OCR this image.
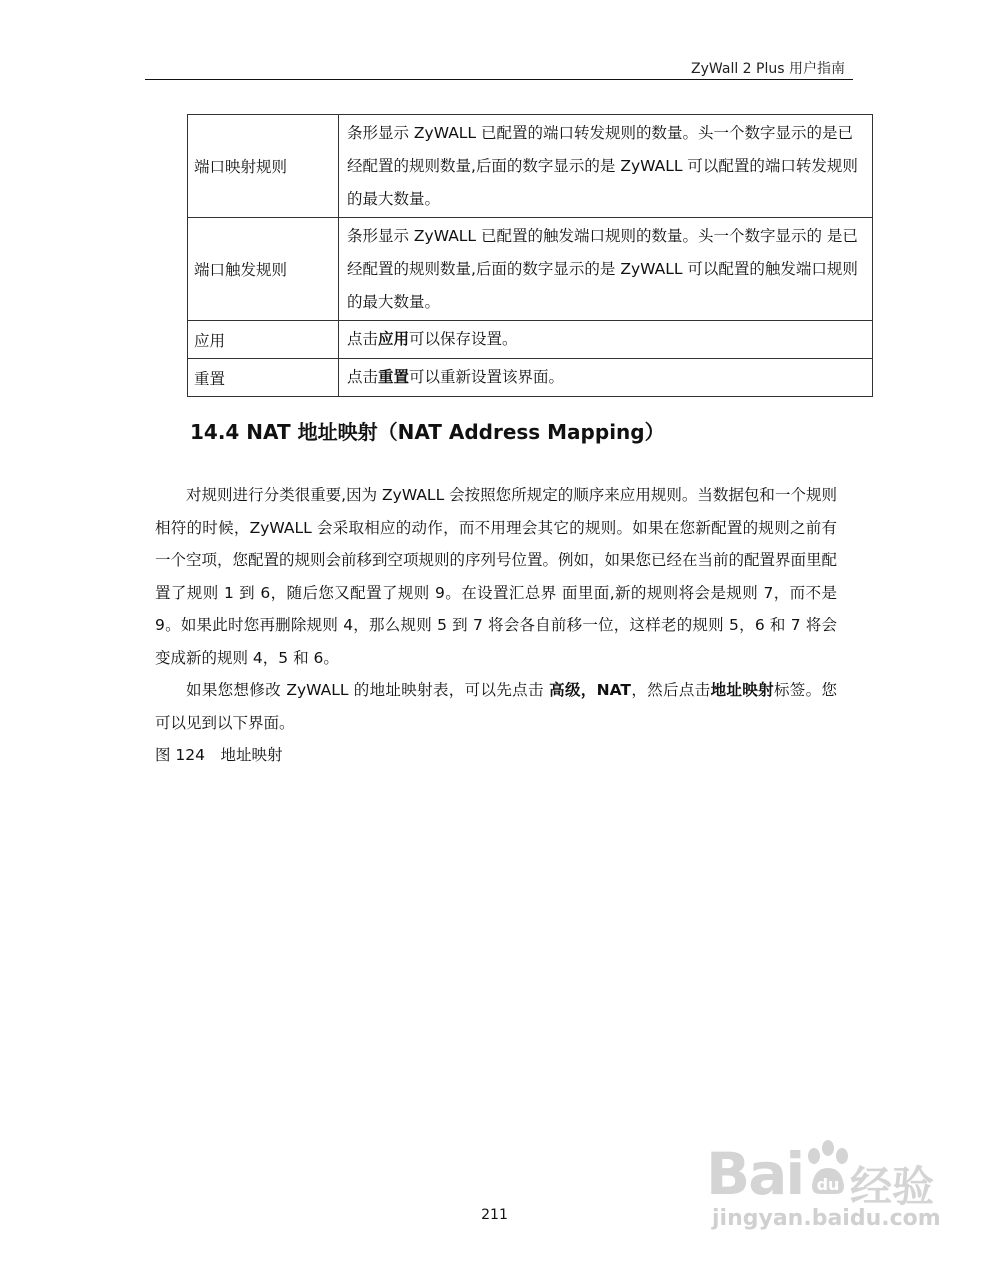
ZyWall 2 Plus 用户指南
端口映射规则	条形显示 ZyWALL 已配置的端口转发规则的数量。头一个数字显示的是已经配置的规则数量,后面的数字显示的是 ZyWALL 可以配置的端口转发规则的最大数量。
端口触发规则	条形显示 ZyWALL 已配置的触发端口规则的数量。头一个数字显示的 是已经配置的规则数量,后面的数字显示的是 ZyWALL 可以配置的触发端口规则的最大数量。
应用	点击应用可以保存设置。
重置	点击重置可以重新设置该界面。
14.4 NAT 地址映射（NAT Address Mapping）

对规则进行分类很重要,因为 ZyWALL 会按照您所规定的顺序来应用规则。当数据包和一个规则相符的时候，ZyWALL 会采取相应的动作，而不用理会其它的规则。如果在您新配置的规则之前有一个空项，您配置的规则会前移到空项规则的序列号位置。例如，如果您已经在当前的配置界面里配置了规则 1 到 6，随后您又配置了规则 9。在设置汇总界 面里面,新的规则将会是规则 7，而不是 9。如果此时您再删除规则 4，那么规则 5 到 7 将会各自前移一位，这样老的规则 5，6 和 7 将会变成新的规则 4，5 和 6。

如果您想修改 ZyWALL 的地址映射表，可以先点击 高级，NAT，然后点击地址映射标签。您可以见到以下界面。

图 124　地址映射

211
Bai du 经验
jingyan.baidu.com
